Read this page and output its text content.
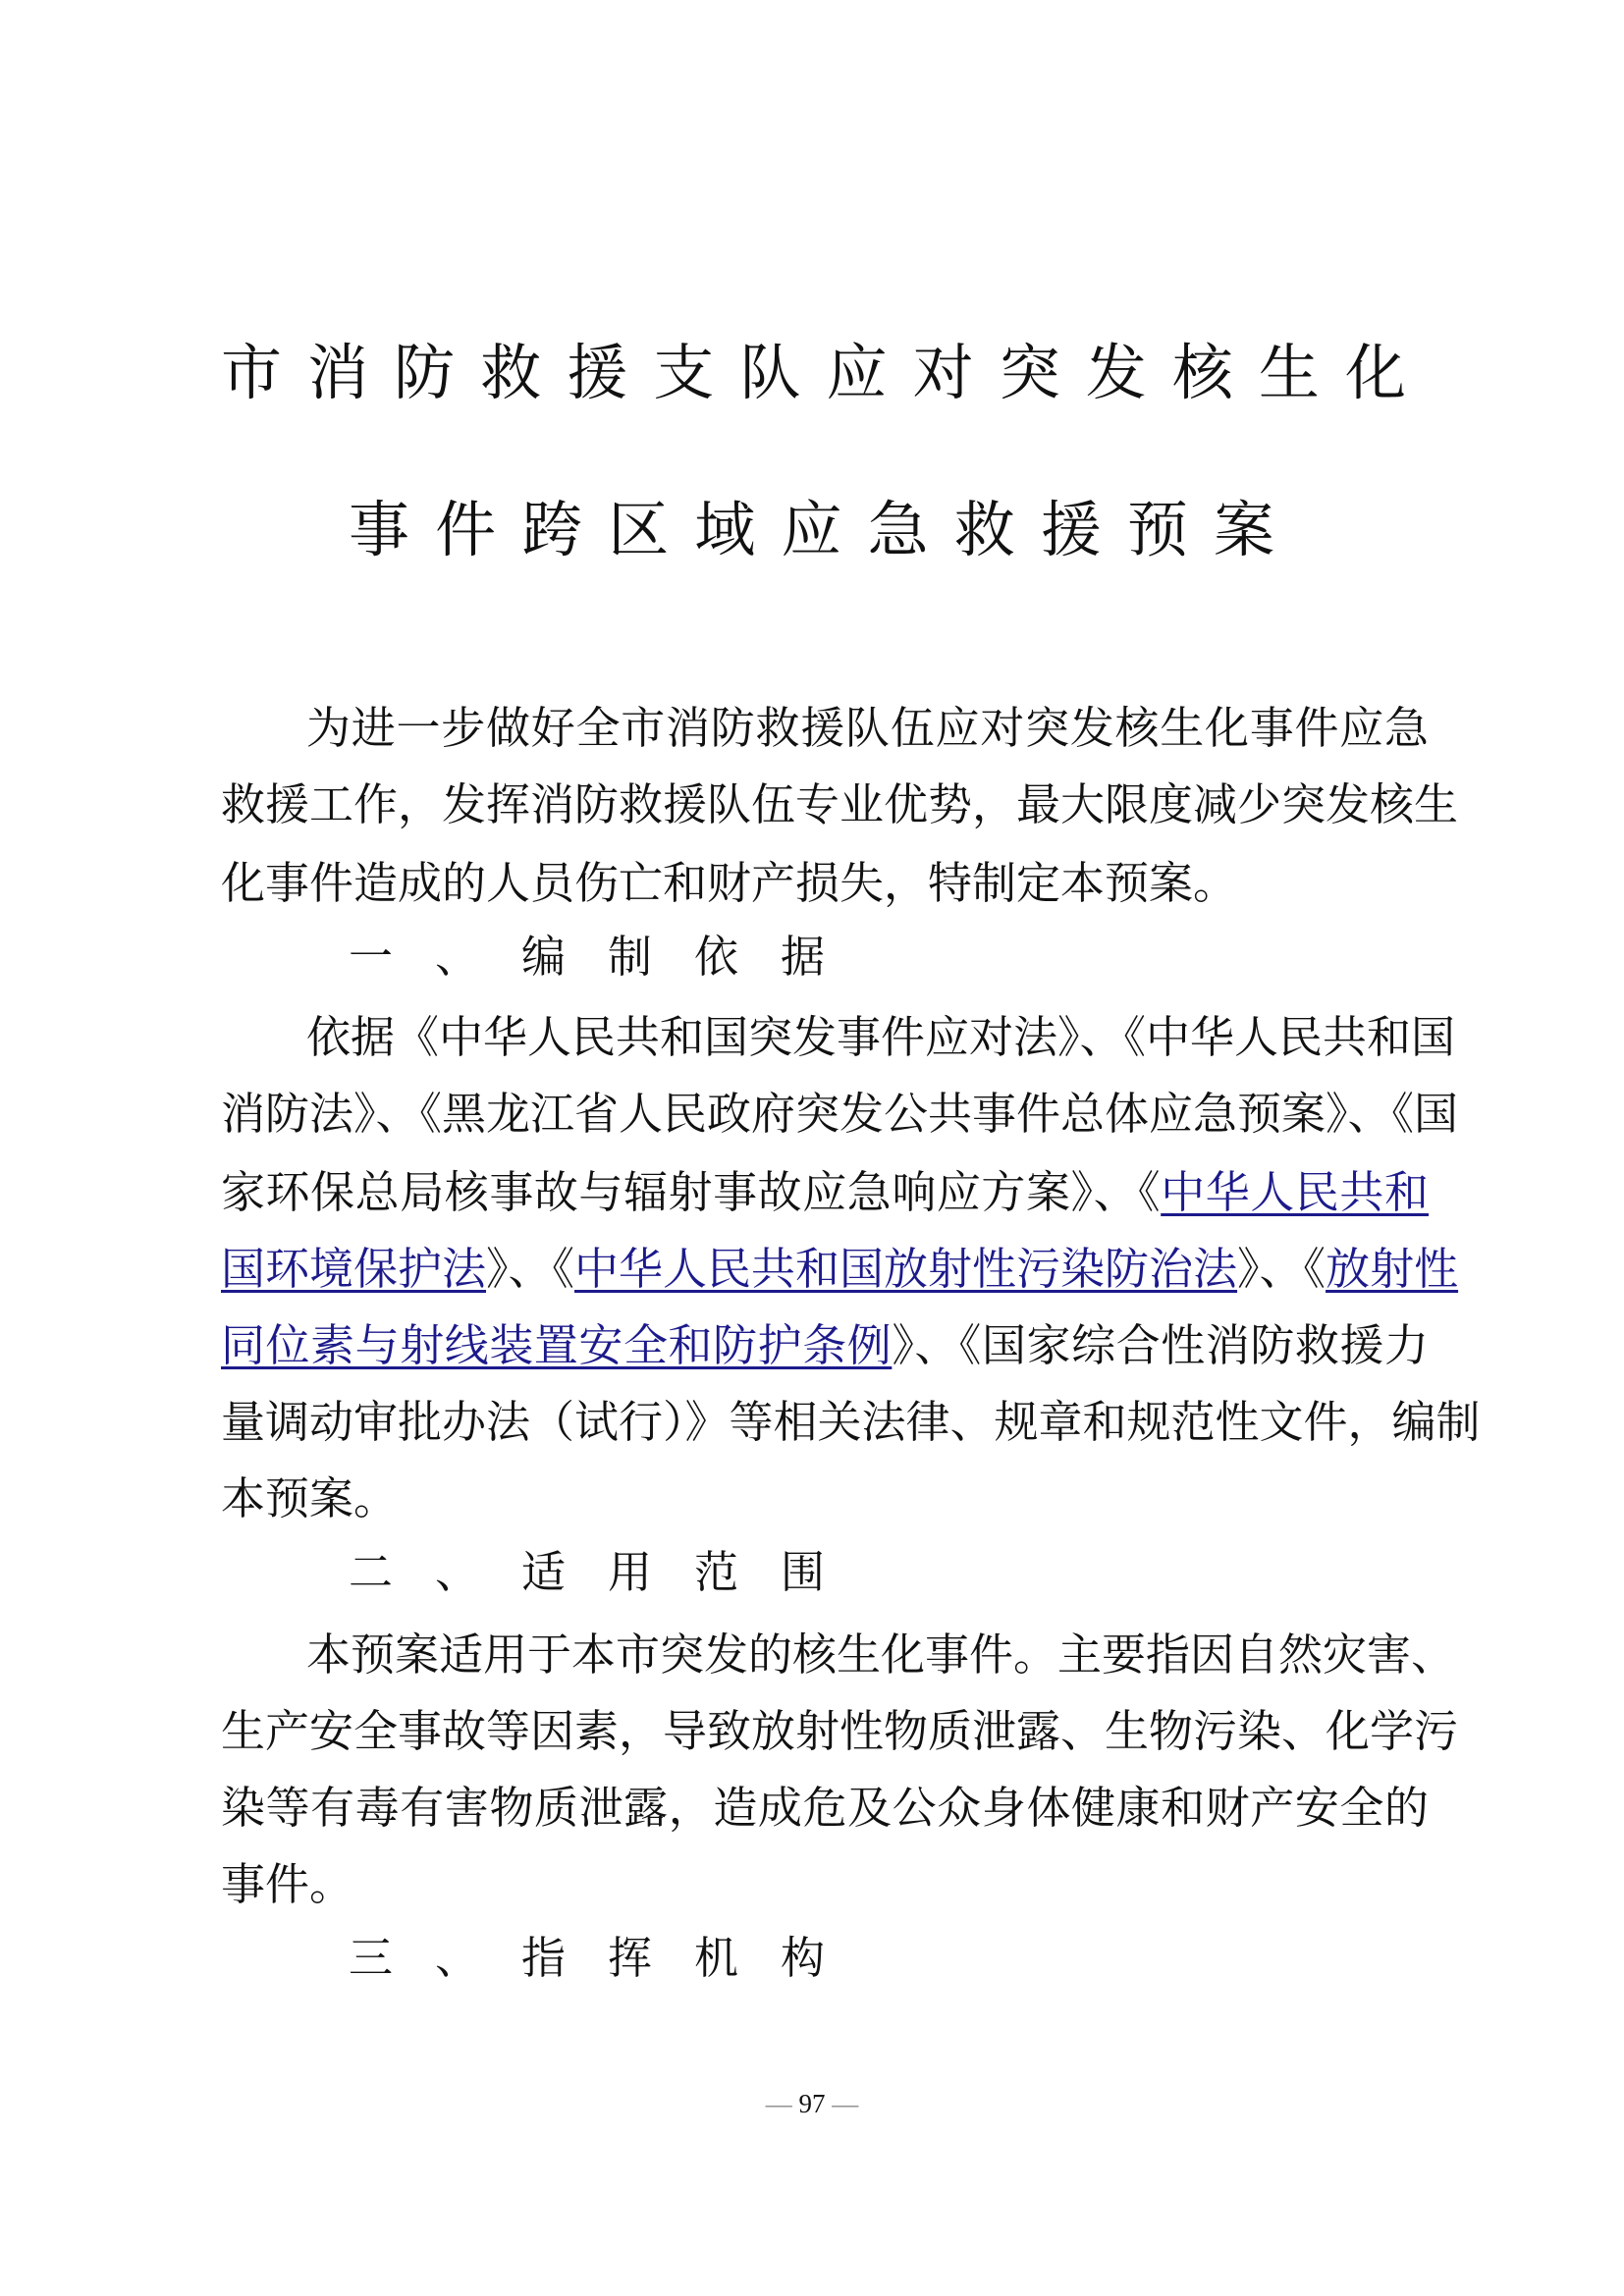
市消防救援支队应对突发核生化
事件跨区域应急救援预案
为进一步做好全市消防救援队伍应对突发核生化事件应急
救援工作，发挥消防救援队伍专业优势，最大限度减少突发核生
化事件造成的人员伤亡和财产损失，特制定本预案。
一、编制依据
依据《中华人民共和国突发事件应对法》、《中华人民共和国
消防法》、《黑龙江省人民政府突发公共事件总体应急预案》、《国
家环保总局核事故与辐射事故应急响应方案》、《中华人民共和
国环境保护法》、《中华人民共和国放射性污染防治法》、《放射性
同位素与射线装置安全和防护条例》、《国家综合性消防救援力
量调动审批办法（试行）》等相关法律、规章和规范性文件，编制
本预案。
二、适用范围
本预案适用于本市突发的核生化事件。主要指因自然灾害、
生产安全事故等因素，导致放射性物质泄露、生物污染、化学污
染等有毒有害物质泄露，造成危及公众身体健康和财产安全的
事件。
三、指挥机构
— 97 —
